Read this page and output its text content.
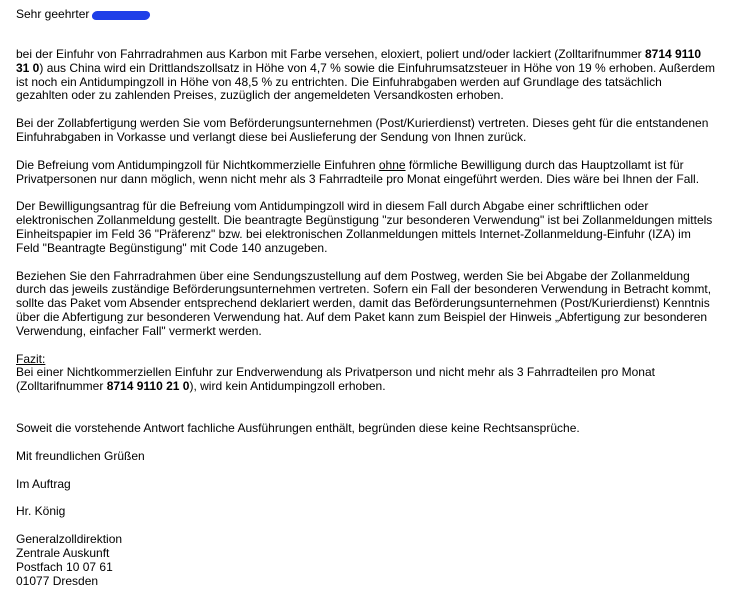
Sehr geehrter

bei der Einfuhr von Fahrradrahmen aus Karbon mit Farbe versehen, eloxiert, poliert und/oder lackiert (Zolltarifnummer 8714 9110 31 0) aus China wird ein Drittlandszollsatz in Höhe von 4,7 % sowie die Einfuhrumsatzsteuer in Höhe von 19 % erhoben. Außerdem ist noch ein Antidumpingzoll in Höhe von 48,5 % zu entrichten. Die Einfuhrabgaben werden auf Grundlage des tatsächlich gezahlten oder zu zahlenden Preises, zuzüglich der angemeldeten Versandkosten erhoben.

Bei der Zollabfertigung werden Sie vom Beförderungsunternehmen (Post/Kurierdienst) vertreten. Dieses geht für die entstandenen Einfuhrabgaben in Vorkasse und verlangt diese bei Auslieferung der Sendung von Ihnen zurück.

Die Befreiung vom Antidumpingzoll für Nichtkommerzielle Einfuhren ohne förmliche Bewilligung durch das Hauptzollamt ist für Privatpersonen nur dann möglich, wenn nicht mehr als 3 Fahrradteile pro Monat eingeführt werden. Dies wäre bei Ihnen der Fall.

Der Bewilligungsantrag für die Befreiung vom Antidumpingzoll wird in diesem Fall durch Abgabe einer schriftlichen oder elektronischen Zollanmeldung gestellt. Die beantragte Begünstigung "zur besonderen Verwendung" ist bei Zollanmeldungen mittels Einheitspapier im Feld 36 "Präferenz" bzw. bei elektronischen Zollanmeldungen mittels Internet-Zollanmeldung-Einfuhr (IZA) im Feld "Beantragte Begünstigung" mit Code 140 anzugeben.

Beziehen Sie den Fahrradrahmen über eine Sendungszustellung auf dem Postweg, werden Sie bei Abgabe der Zollanmeldung durch das jeweils zuständige Beförderungsunternehmen vertreten. Sofern ein Fall der besonderen Verwendung in Betracht kommt, sollte das Paket vom Absender entsprechend deklariert werden, damit das Beförderungsunternehmen (Post/Kurierdienst) Kenntnis über die Abfertigung zur besonderen Verwendung hat. Auf dem Paket kann zum Beispiel der Hinweis „Abfertigung zur besonderen Verwendung, einfacher Fall" vermerkt werden.

Fazit:
Bei einer Nichtkommerziellen Einfuhr zur Endverwendung als Privatperson und nicht mehr als 3 Fahrradteilen pro Monat (Zolltarifnummer 8714 9110 21 0), wird kein Antidumpingzoll erhoben.

Soweit die vorstehende Antwort fachliche Ausführungen enthält, begründen diese keine Rechtsansprüche.

Mit freundlichen Grüßen

Im Auftrag

Hr. König

Generalzolldirektion
Zentrale Auskunft
Postfach 10 07 61
01077 Dresden
